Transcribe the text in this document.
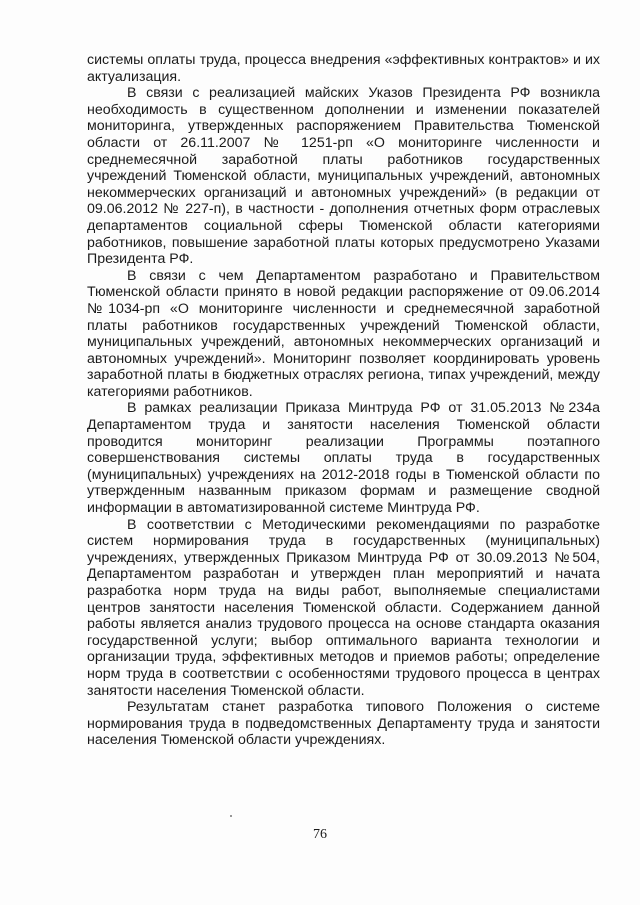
системы оплаты труда, процесса внедрения «эффективных контрактов» и их актуализация.

В связи с реализацией майских Указов Президента РФ возникла необходимость в существенном дополнении и изменении показателей мониторинга, утвержденных распоряжением Правительства Тюменской области от 26.11.2007 № 1251-рп «О мониторинге численности и среднемесячной заработной платы работников государственных учреждений Тюменской области, муниципальных учреждений, автономных некоммерческих организаций и автономных учреждений» (в редакции от 09.06.2012 № 227-п), в частности - дополнения отчетных форм отраслевых департаментов социальной сферы Тюменской области категориями работников, повышение заработной платы которых предусмотрено Указами Президента РФ.

В связи с чем Департаментом разработано и Правительством Тюменской области принято в новой редакции распоряжение от 09.06.2014 №1034-рп «О мониторинге численности и среднемесячной заработной платы работников государственных учреждений Тюменской области, муниципальных учреждений, автономных некоммерческих организаций и автономных учреждений». Мониторинг позволяет координировать уровень заработной платы в бюджетных отраслях региона, типах учреждений, между категориями работников.

В рамках реализации Приказа Минтруда РФ от 31.05.2013 №234а Департаментом труда и занятости населения Тюменской области проводится мониторинг реализации Программы поэтапного совершенствования системы оплаты труда в государственных (муниципальных) учреждениях на 2012-2018 годы в Тюменской области по утвержденным названным приказом формам и размещение сводной информации в автоматизированной системе Минтруда РФ.

В соответствии с Методическими рекомендациями по разработке систем нормирования труда в государственных (муниципальных) учреждениях, утвержденных Приказом Минтруда РФ от 30.09.2013 №504, Департаментом разработан и утвержден план мероприятий и начата разработка норм труда на виды работ, выполняемые специалистами центров занятости населения Тюменской области. Содержанием данной работы является анализ трудового процесса на основе стандарта оказания государственной услуги; выбор оптимального варианта технологии и организации труда, эффективных методов и приемов работы; определение норм труда в соответствии с особенностями трудового процесса в центрах занятости населения Тюменской области.

Результатам станет разработка типового Положения о системе нормирования труда в подведомственных Департаменту труда и занятости населения Тюменской области учреждениях.

76
